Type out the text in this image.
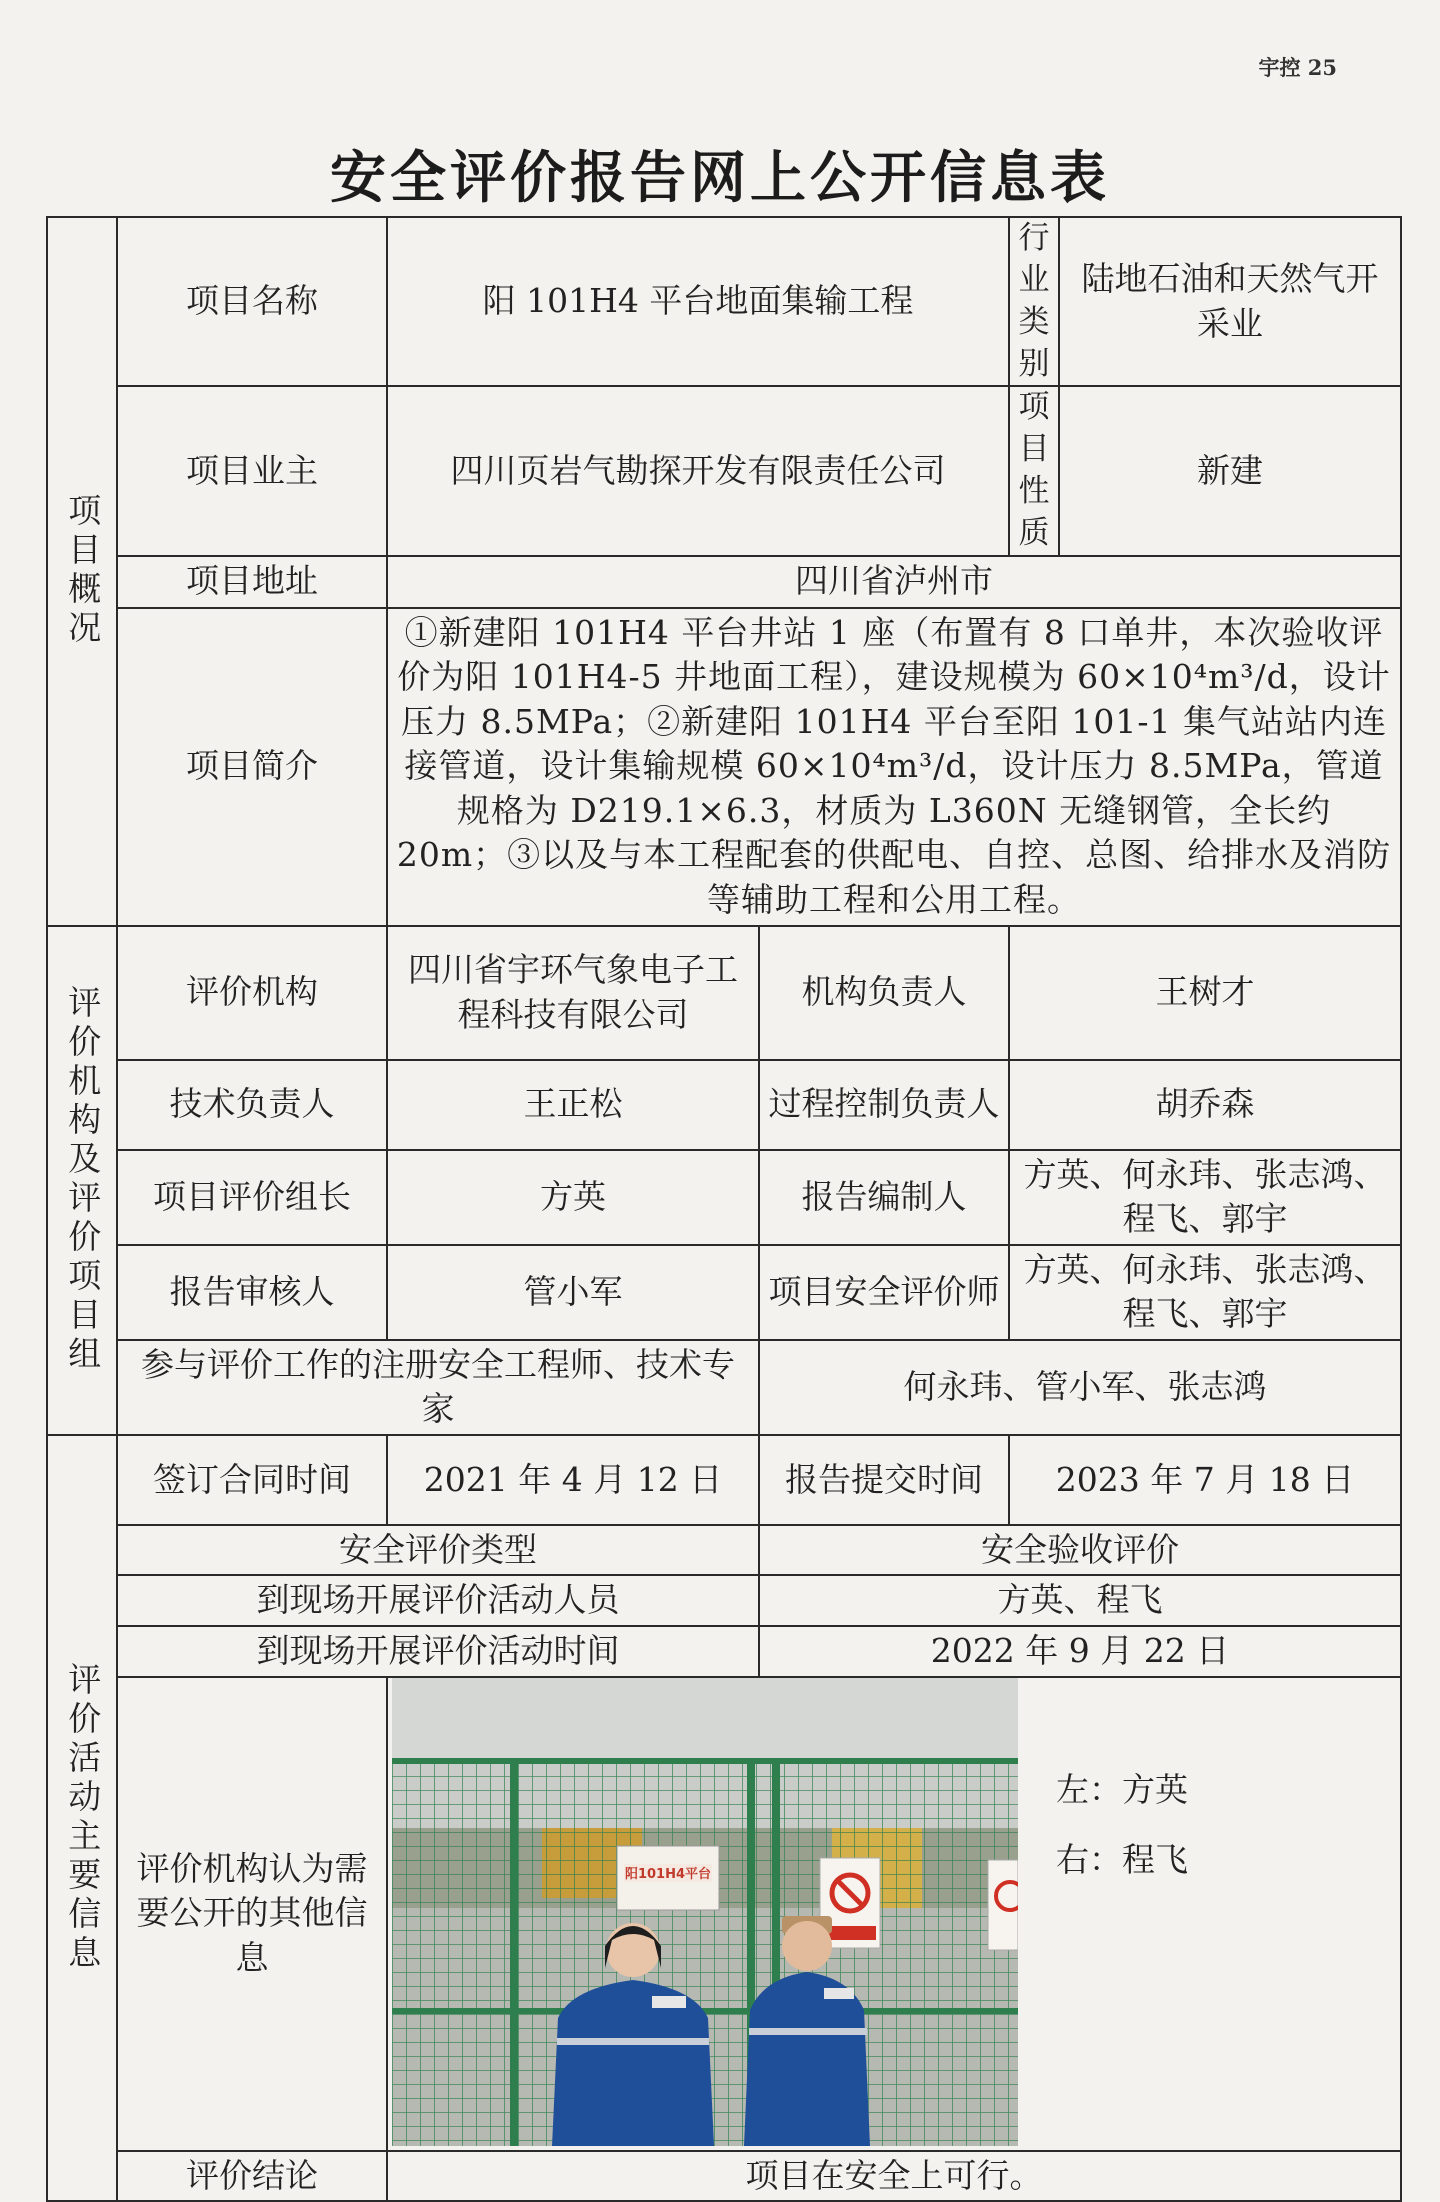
宇控 25
安全评价报告网上公开信息表
项目概况	项目名称	阳 101H4 平台地面集输工程		行业类别	陆地石油和天然气开采业
	项目业主	四川页岩气勘探开发有限责任公司		项目性质	新建
	项目地址	四川省泸州市			
	项目简介	①新建阳 101H4 平台井站 1 座（布置有 8 口单井，本次验收评价为阳 101H4-5 井地面工程），建设规模为 60×10⁴m³/d，设计压力 8.5MPa；②新建阳 101H4 平台至阳 101-1 集气站站内连接管道，设计集输规模 60×10⁴m³/d，设计压力 8.5MPa，管道规格为 D219.1×6.3，材质为 L360N 无缝钢管，全长约 20m；③以及与本工程配套的供配电、自控、总图、给排水及消防等辅助工程和公用工程。			
评价机构及评价项目组	评价机构	四川省宇环气象电子工程科技有限公司	机构负责人	王树才	
	技术负责人	王正松	过程控制负责人	胡乔森	
	项目评价组长	方英	报告编制人	方英、何永玮、张志鸿、程飞、郭宇	
	报告审核人	管小军	项目安全评价师	方英、何永玮、张志鸿、程飞、郭宇	
	参与评价工作的注册安全工程师、技术专家		何永玮、管小军、张志鸿		
评价活动主要信息	签订合同时间	2021 年 4 月 12 日	报告提交时间	2023 年 7 月 18 日	
	安全评价类型		安全验收评价		
	到现场开展评价活动人员		方英、程飞		
	到现场开展评价活动时间		2022 年 9 月 22 日		
	评价机构认为需要公开的其他信息	阳101H4平台
左：方英
右：程飞			

	评价结论	项目在安全上可行。			
